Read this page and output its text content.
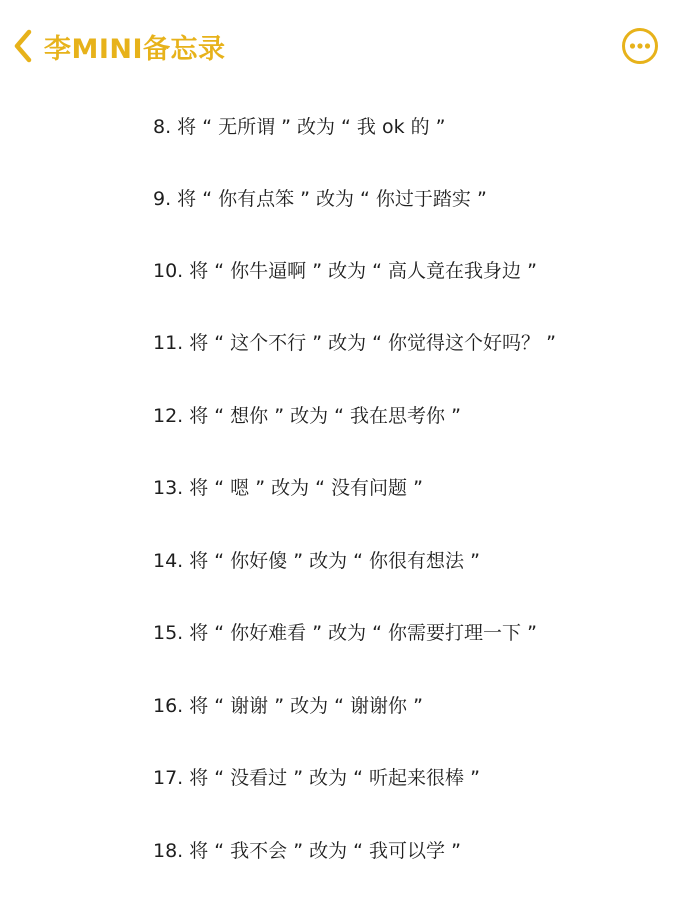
李MINI备忘录
8. 将 “ 无所谓 ” 改为 “ 我 ok 的 ”
9. 将 “ 你有点笨 ” 改为 “ 你过于踏实 ”
10. 将 “ 你牛逼啊 ” 改为 “ 高人竟在我身边 ”
11. 将 “ 这个不行 ” 改为 “ 你觉得这个好吗？ ”
12. 将 “ 想你 ” 改为 “ 我在思考你 ”
13. 将 “ 嗯 ” 改为 “ 没有问题 ”
14. 将 “ 你好傻 ” 改为 “ 你很有想法 ”
15. 将 “ 你好难看 ” 改为 “ 你需要打理一下 ”
16. 将 “ 谢谢 ” 改为 “ 谢谢你 ”
17. 将 “ 没看过 ” 改为 “ 听起来很棒 ”
18. 将 “ 我不会 ” 改为 “ 我可以学 ”
